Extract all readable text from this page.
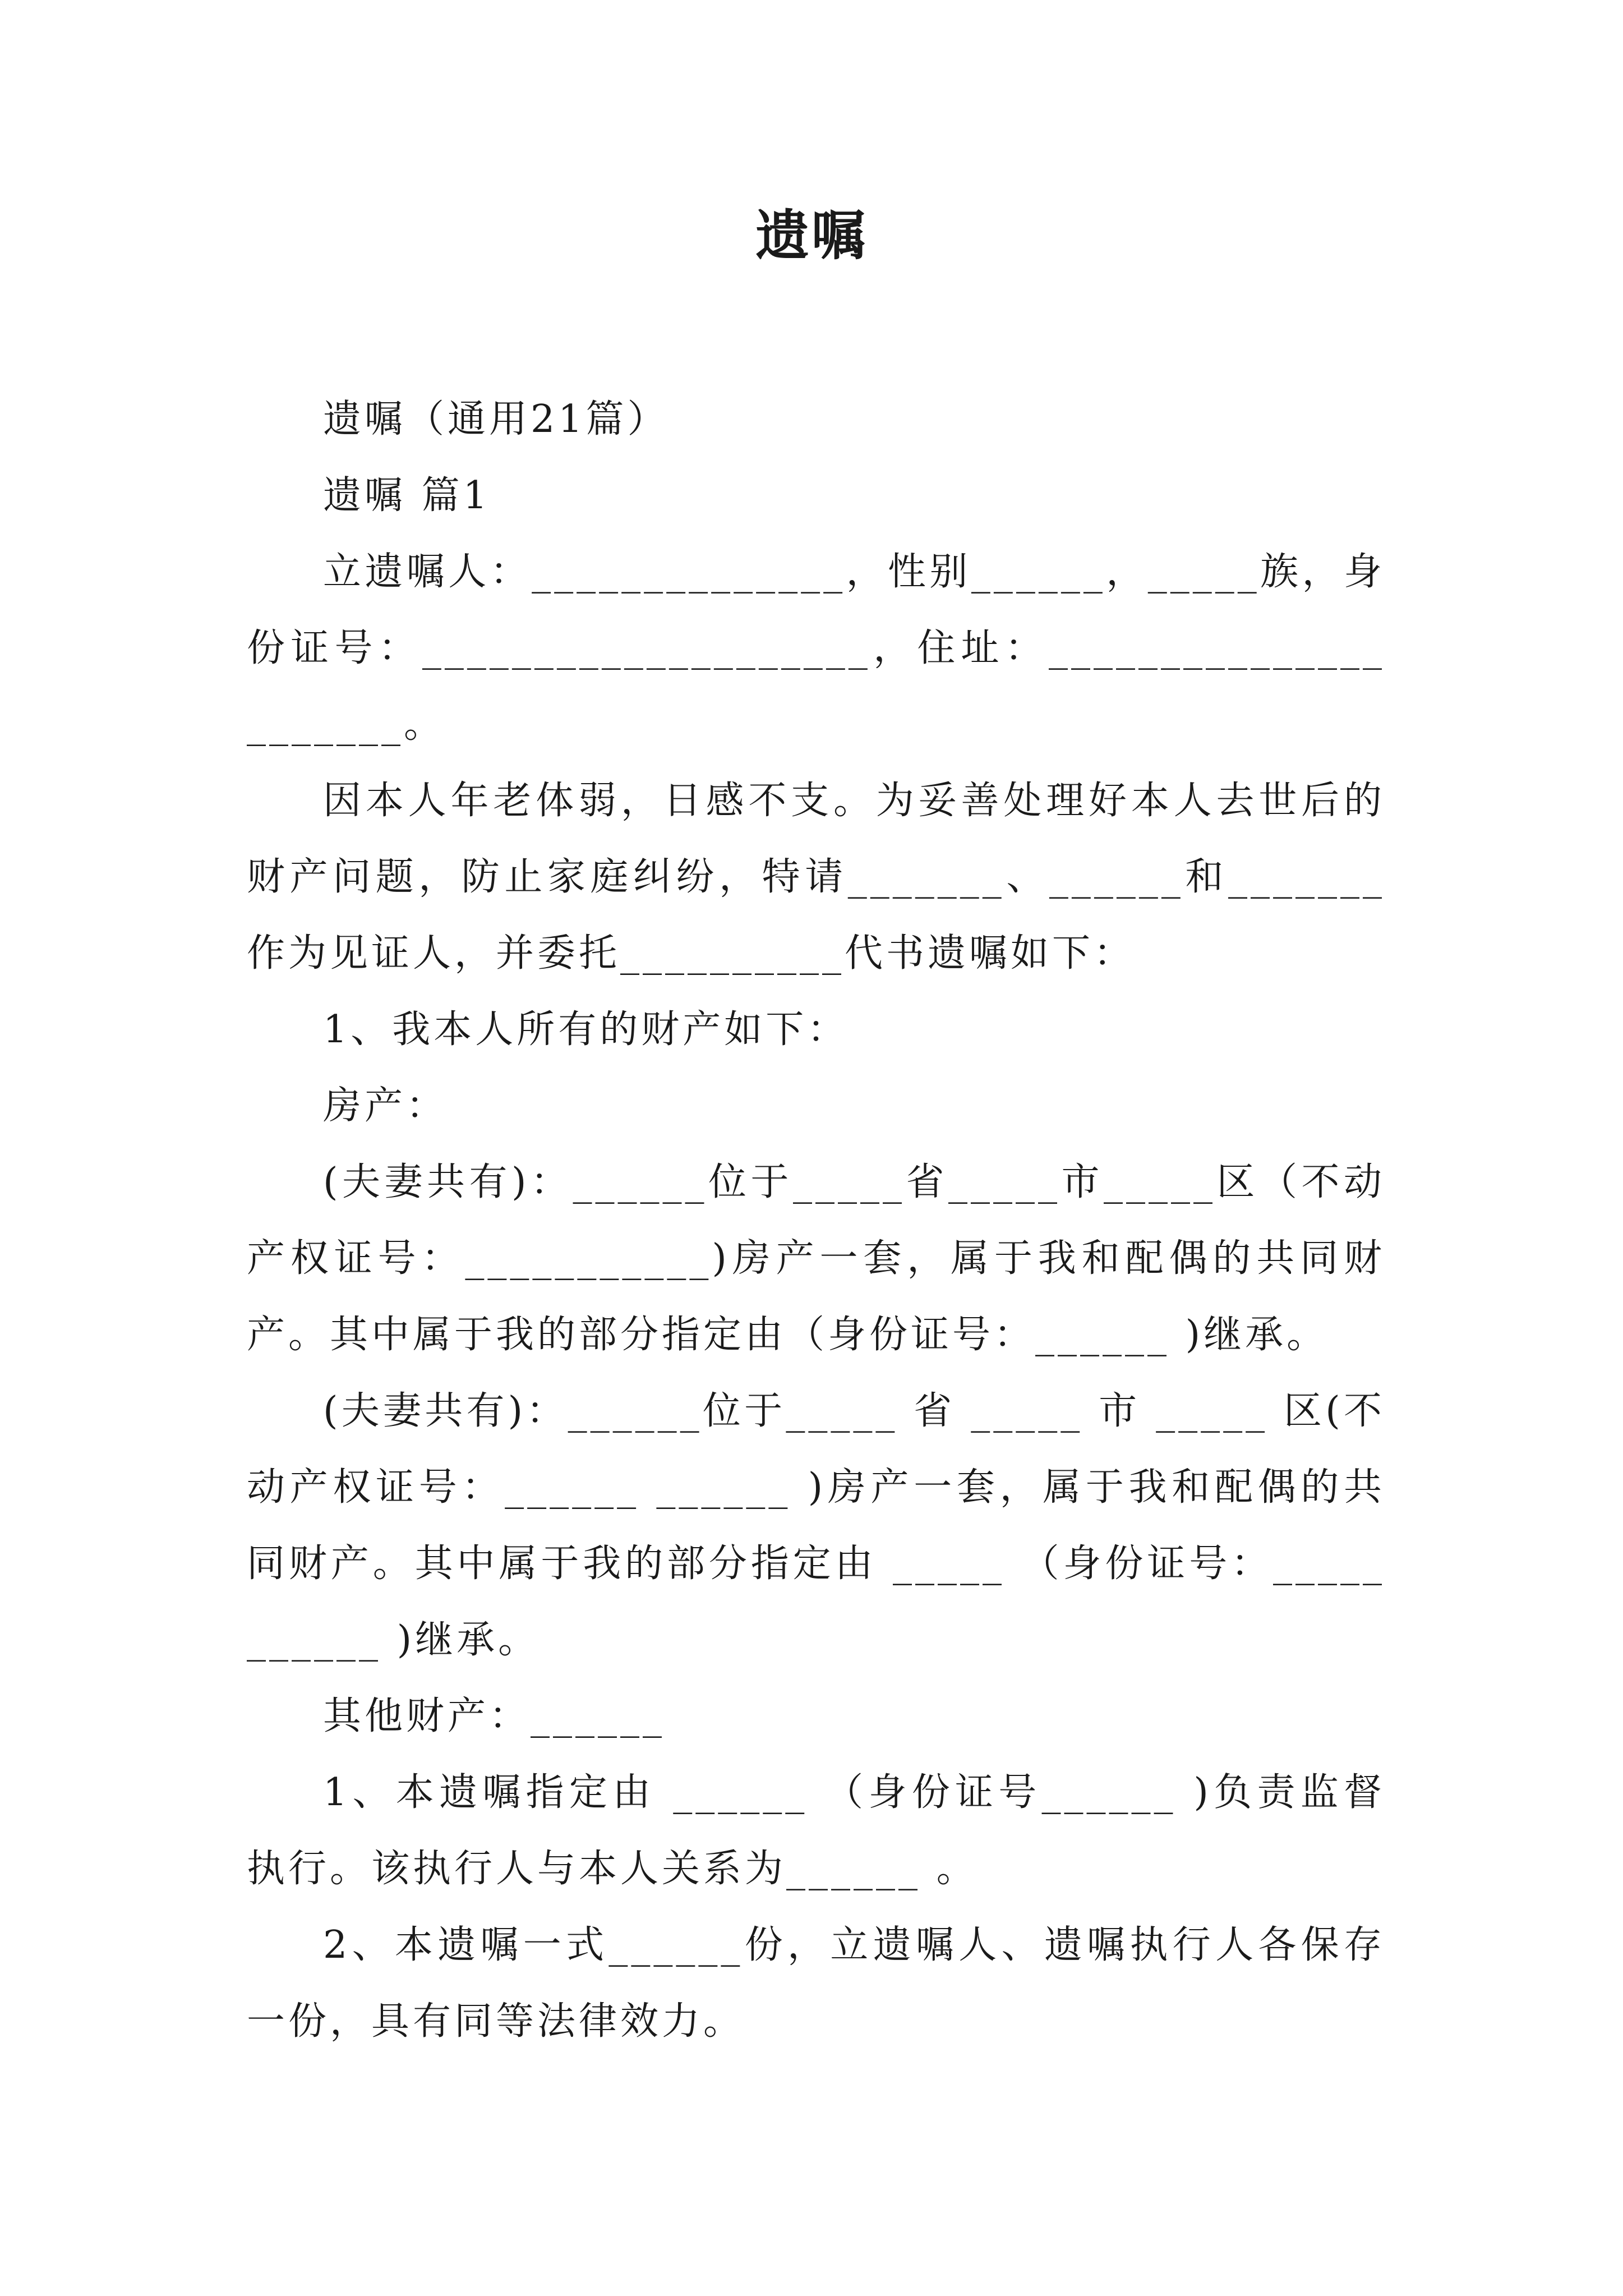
遗嘱

遗嘱（通用21篇）

遗嘱 篇1

立遗嘱人：______________，性别______，_____族，身份证号：____________________，住址：______________________。

因本人年老体弱，日感不支。为妥善处理好本人去世后的财产问题，防止家庭纠纷，特请_______、______和_______作为见证人，并委托__________代书遗嘱如下：

1、我本人所有的财产如下：

房产：

(夫妻共有)：______位于_____省_____市_____区（不动产权证号：___________)房产一套，属于我和配偶的共同财产。其中属于我的部分指定由（身份证号：______ )继承。

(夫妻共有)：______位于_____ 省 _____ 市 _____ 区(不动产权证号：______ ______ )房产一套，属于我和配偶的共同财产。其中属于我的部分指定由 _____ （身份证号：___________ )继承。

其他财产：______

1、本遗嘱指定由 ______ （身份证号______ )负责监督执行。该执行人与本人关系为______ 。

2、本遗嘱一式______份，立遗嘱人、遗嘱执行人各保存一份，具有同等法律效力。
